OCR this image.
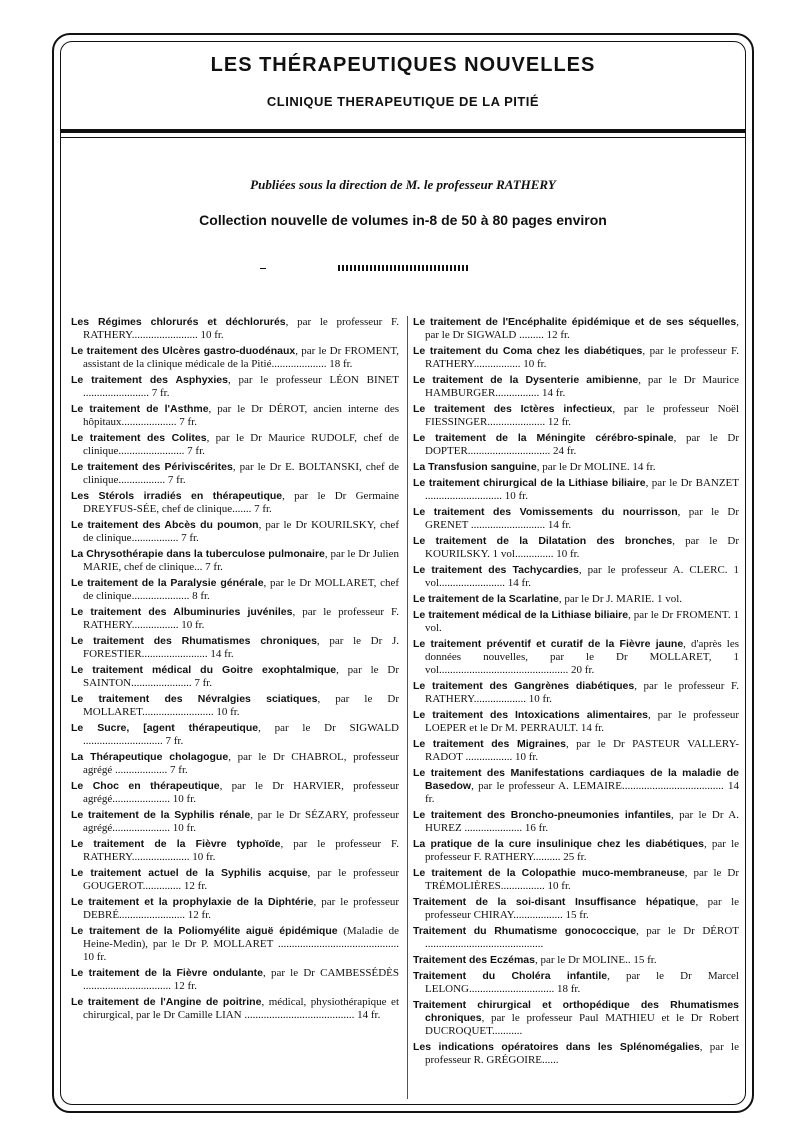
LES THÉRAPEUTIQUES NOUVELLES
CLINIQUE THERAPEUTIQUE DE LA PITIÉ
Publiées sous la direction de M. le professeur RATHERY
Collection nouvelle de volumes in-8 de 50 à 80 pages environ
Les Régimes chlorurés et déchlorurés, par le professeur F. RATHERY........................ 10 fr.
Le traitement des Ulcères gastro-duodénaux, par le Dr FROMENT, assistant de la clinique médicale de la Pitié.................... 18 fr.
Le traitement des Asphyxies, par le professeur LÉON BINET ........................ 7 fr.
Le traitement de l'Asthme, par le Dr DÉROT, ancien interne des hôpitaux.................... 7 fr.
Le traitement des Colites, par le Dr Maurice RUDOLF, chef de clinique........................ 7 fr.
Le traitement des Périviscérites, par le Dr E. BOLTANSKI, chef de clinique................. 7 fr.
Les Stérols irradiés en thérapeutique, par le Dr Germaine DREYFUS-SÉE, chef de clinique....... 7 fr.
Le traitement des Abcès du poumon, par le Dr KOURILSKY, chef de clinique................. 7 fr.
La Chrysothérapie dans la tuberculose pulmonaire, par le Dr Julien MARIE, chef de clinique... 7 fr.
Le traitement de la Paralysie générale, par le Dr MOLLARET, chef de clinique..................... 8 fr.
Le traitement des Albuminuries juvéniles, par le professeur F. RATHERY................. 10 fr.
Le traitement des Rhumatismes chroniques, par le Dr J. FORESTIER........................ 14 fr.
Le traitement médical du Goitre exophtalmique, par le Dr SAINTON...................... 7 fr.
Le traitement des Névralgies sciatiques, par le Dr MOLLARET.......................... 10 fr.
Le Sucre, [agent thérapeutique, par le Dr SIGWALD ............................. 7 fr.
La Thérapeutique cholagogue, par le Dr CHABROL, professeur agrégé ................... 7 fr.
Le Choc en thérapeutique, par le Dr HARVIER, professeur agrégé..................... 10 fr.
Le traitement de la Syphilis rénale, par le Dr SÉZARY, professeur agrégé..................... 10 fr.
Le traitement de la Fièvre typhoïde, par le professeur F. RATHERY..................... 10 fr.
Le traitement actuel de la Syphilis acquise, par le professeur GOUGEROT.............. 12 fr.
Le traitement et la prophylaxie de la Diphtérie, par le professeur DEBRÉ........................ 12 fr.
Le traitement de la Poliomyélite aiguë épidémique (Maladie de Heine-Medin), par le Dr P. MOLLARET ............................................ 10 fr.
Le traitement de la Fièvre ondulante, par le Dr CAMBESSÉDÈS ................................ 12 fr.
Le traitement de l'Angine de poitrine, médical, physiothérapique et chirurgical, par le Dr Camille LIAN ........................................ 14 fr.
Le traitement de l'Encéphalite épidémique et de ses séquelles, par le Dr SIGWALD ......... 12 fr.
Le traitement du Coma chez les diabétiques, par le professeur F. RATHERY................. 10 fr.
Le traitement de la Dysenterie amibienne, par le Dr Maurice HAMBURGER................ 14 fr.
Le traitement des Ictères infectieux, par le professeur Noël FIESSINGER..................... 12 fr.
Le traitement de la Méningite cérébro-spinale, par le Dr DOPTER.............................. 24 fr.
La Transfusion sanguine, par le Dr MOLINE. 14 fr.
Le traitement chirurgical de la Lithiase biliaire, par le Dr BANZET ............................ 10 fr.
Le traitement des Vomissements du nourrisson, par le Dr GRENET ........................... 14 fr.
Le traitement de la Dilatation des bronches, par le Dr KOURILSKY. 1 vol.............. 10 fr.
Le traitement des Tachycardies, par le professeur A. CLERC. 1 vol........................ 14 fr.
Le traitement de la Scarlatine, par le Dr J. MARIE. 1 vol.
Le traitement médical de la Lithiase biliaire, par le Dr FROMENT. 1 vol.
Le traitement préventif et curatif de la Fièvre jaune, d'après les données nouvelles, par le Dr MOLLARET, 1 vol............................................... 20 fr.
Le traitement des Gangrènes diabétiques, par le professeur F. RATHERY................... 10 fr.
Le traitement des Intoxications alimentaires, par le professeur LOEPER et le Dr M. PERRAULT. 14 fr.
Le traitement des Migraines, par le Dr PASTEUR VALLERY-RADOT ................. 10 fr.
Le traitement des Manifestations cardiaques de la maladie de Basedow, par le professeur A. LEMAIRE..................................... 14 fr.
Le traitement des Broncho-pneumonies infantiles, par le Dr A. HUREZ ..................... 16 fr.
La pratique de la cure insulinique chez les diabétiques, par le professeur F. RATHERY.......... 25 fr.
Le traitement de la Colopathie muco-membraneuse, par le Dr TRÉMOLIÈRES................ 10 fr.
Traitement de la soi-disant Insuffisance hépatique, par le professeur CHIRAY.................. 15 fr.
Traitement du Rhumatisme gonococcique, par le Dr DÉROT ...........................................
Traitement des Eczémas, par le Dr MOLINE.. 15 fr.
Traitement du Choléra infantile, par le Dr Marcel LELONG............................... 18 fr.
Traitement chirurgical et orthopédique des Rhumatismes chroniques, par le professeur Paul MATHIEU et le Dr Robert DUCROQUET...........
Les indications opératoires dans les Splénomégalies, par le professeur R. GRÉGOIRE......
